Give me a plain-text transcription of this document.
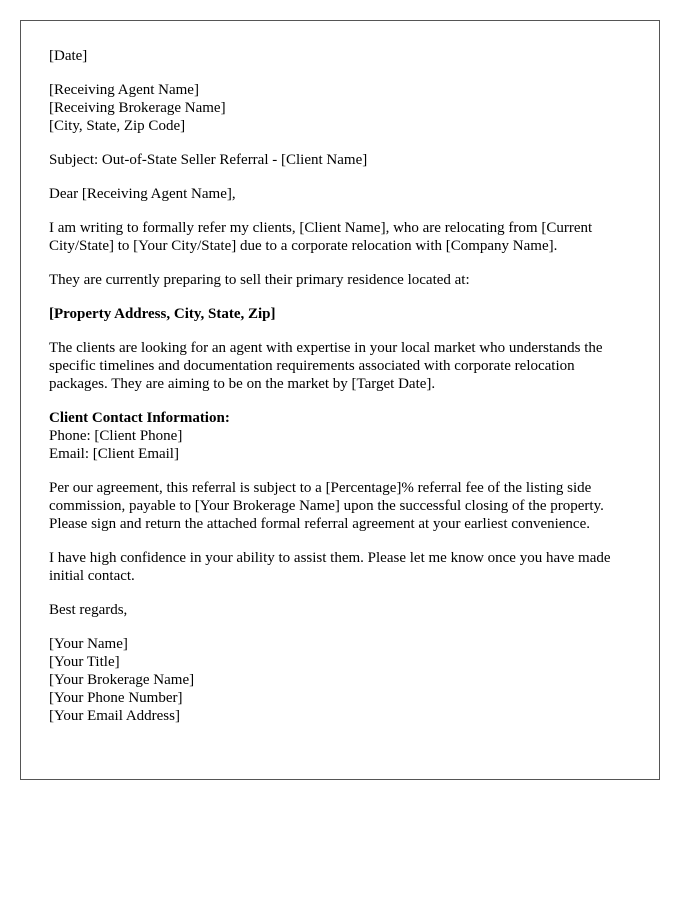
[Date]
[Receiving Agent Name]
[Receiving Brokerage Name]
[City, State, Zip Code]

Subject: Out-of-State Seller Referral - [Client Name]

Dear [Receiving Agent Name],

I am writing to formally refer my clients, [Client Name], who are relocating from [Current City/State] to [Your City/State] due to a corporate relocation with [Company Name].

They are currently preparing to sell their primary residence located at:

[Property Address, City, State, Zip]

The clients are looking for an agent with expertise in your local market who understands the specific timelines and documentation requirements associated with corporate relocation packages. They are aiming to be on the market by [Target Date].

Client Contact Information:
Phone: [Client Phone]
Email: [Client Email]

Per our agreement, this referral is subject to a [Percentage]% referral fee of the listing side commission, payable to [Your Brokerage Name] upon the successful closing of the property. Please sign and return the attached formal referral agreement at your earliest convenience.

I have high confidence in your ability to assist them. Please let me know once you have made initial contact.

Best regards,

[Your Name]
[Your Title]
[Your Brokerage Name]
[Your Phone Number]
[Your Email Address]
